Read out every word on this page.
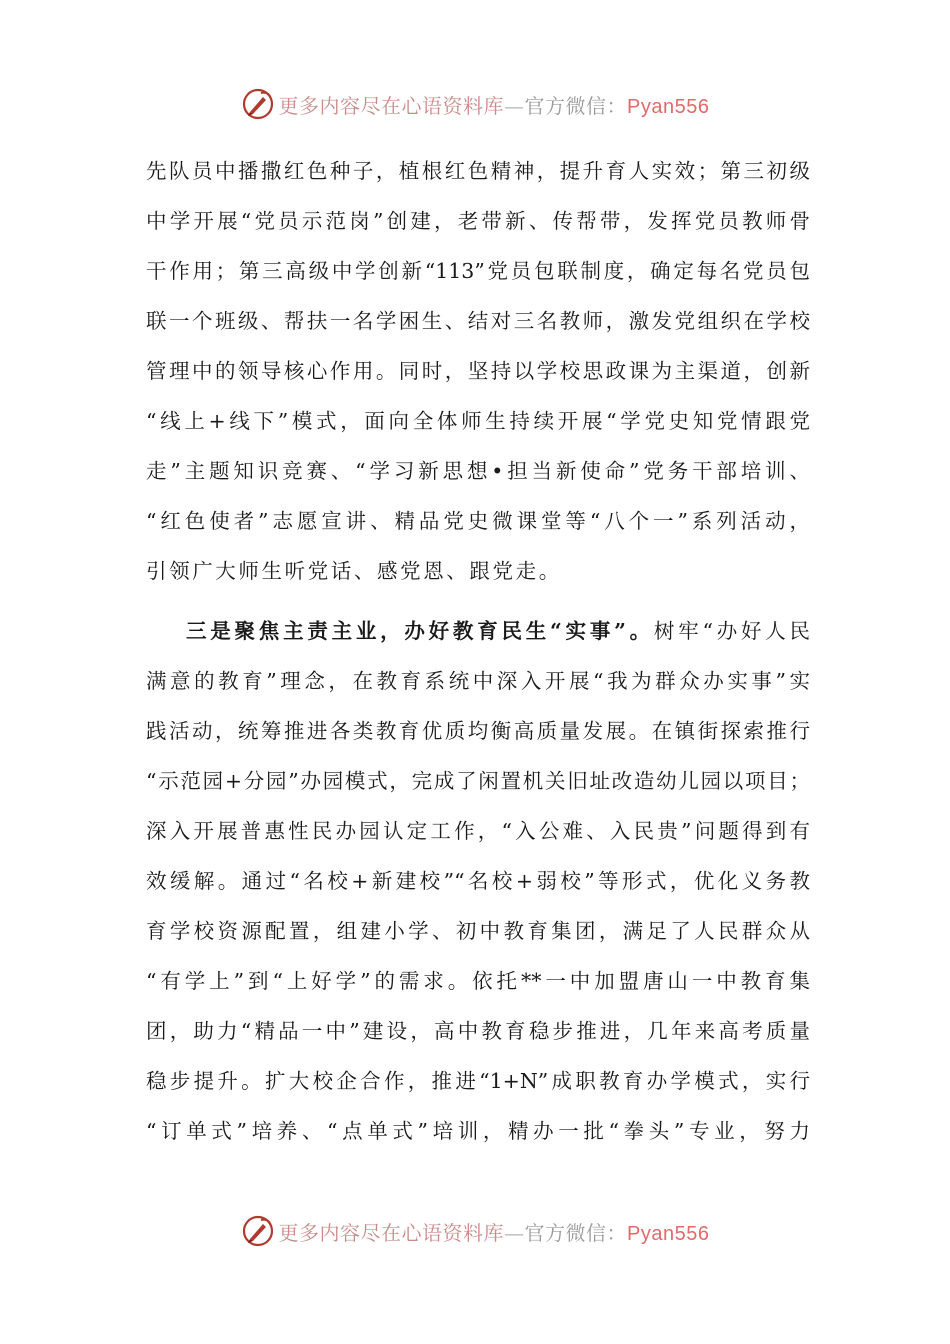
更多内容尽在心语资料库—官方微信：Pyan556
先队员中播撒红色种子，植根红色精神，提升育人实效；第三初级
中学开展“党员示范岗”创建，老带新、传帮带，发挥党员教师骨
干作用；第三高级中学创新“113”党员包联制度，确定每名党员包
联一个班级、帮扶一名学困生、结对三名教师，激发党组织在学校
管理中的领导核心作用。同时，坚持以学校思政课为主渠道，创新
“线上+线下”模式，面向全体师生持续开展“学党史知党情跟党
走”主题知识竞赛、“学习新思想•担当新使命”党务干部培训、
“红色使者”志愿宣讲、精品党史微课堂等“八个一”系列活动，
引领广大师生听党话、感党恩、跟党走。
三是聚焦主责主业，办好教育民生“实事”。树牢“办好人民
满意的教育”理念，在教育系统中深入开展“我为群众办实事”实
践活动，统筹推进各类教育优质均衡高质量发展。在镇街探索推行
“示范园+分园”办园模式，完成了闲置机关旧址改造幼儿园以项目；
深入开展普惠性民办园认定工作，“入公难、入民贵”问题得到有
效缓解。通过“名校+新建校”“名校+弱校”等形式，优化义务教
育学校资源配置，组建小学、初中教育集团，满足了人民群众从
“有学上”到“上好学”的需求。依托**一中加盟唐山一中教育集
团，助力“精品一中”建设，高中教育稳步推进，几年来高考质量
稳步提升。扩大校企合作，推进“1+N”成职教育办学模式，实行
“订单式”培养、“点单式”培训，精办一批“拳头”专业，努力
更多内容尽在心语资料库—官方微信：Pyan556
